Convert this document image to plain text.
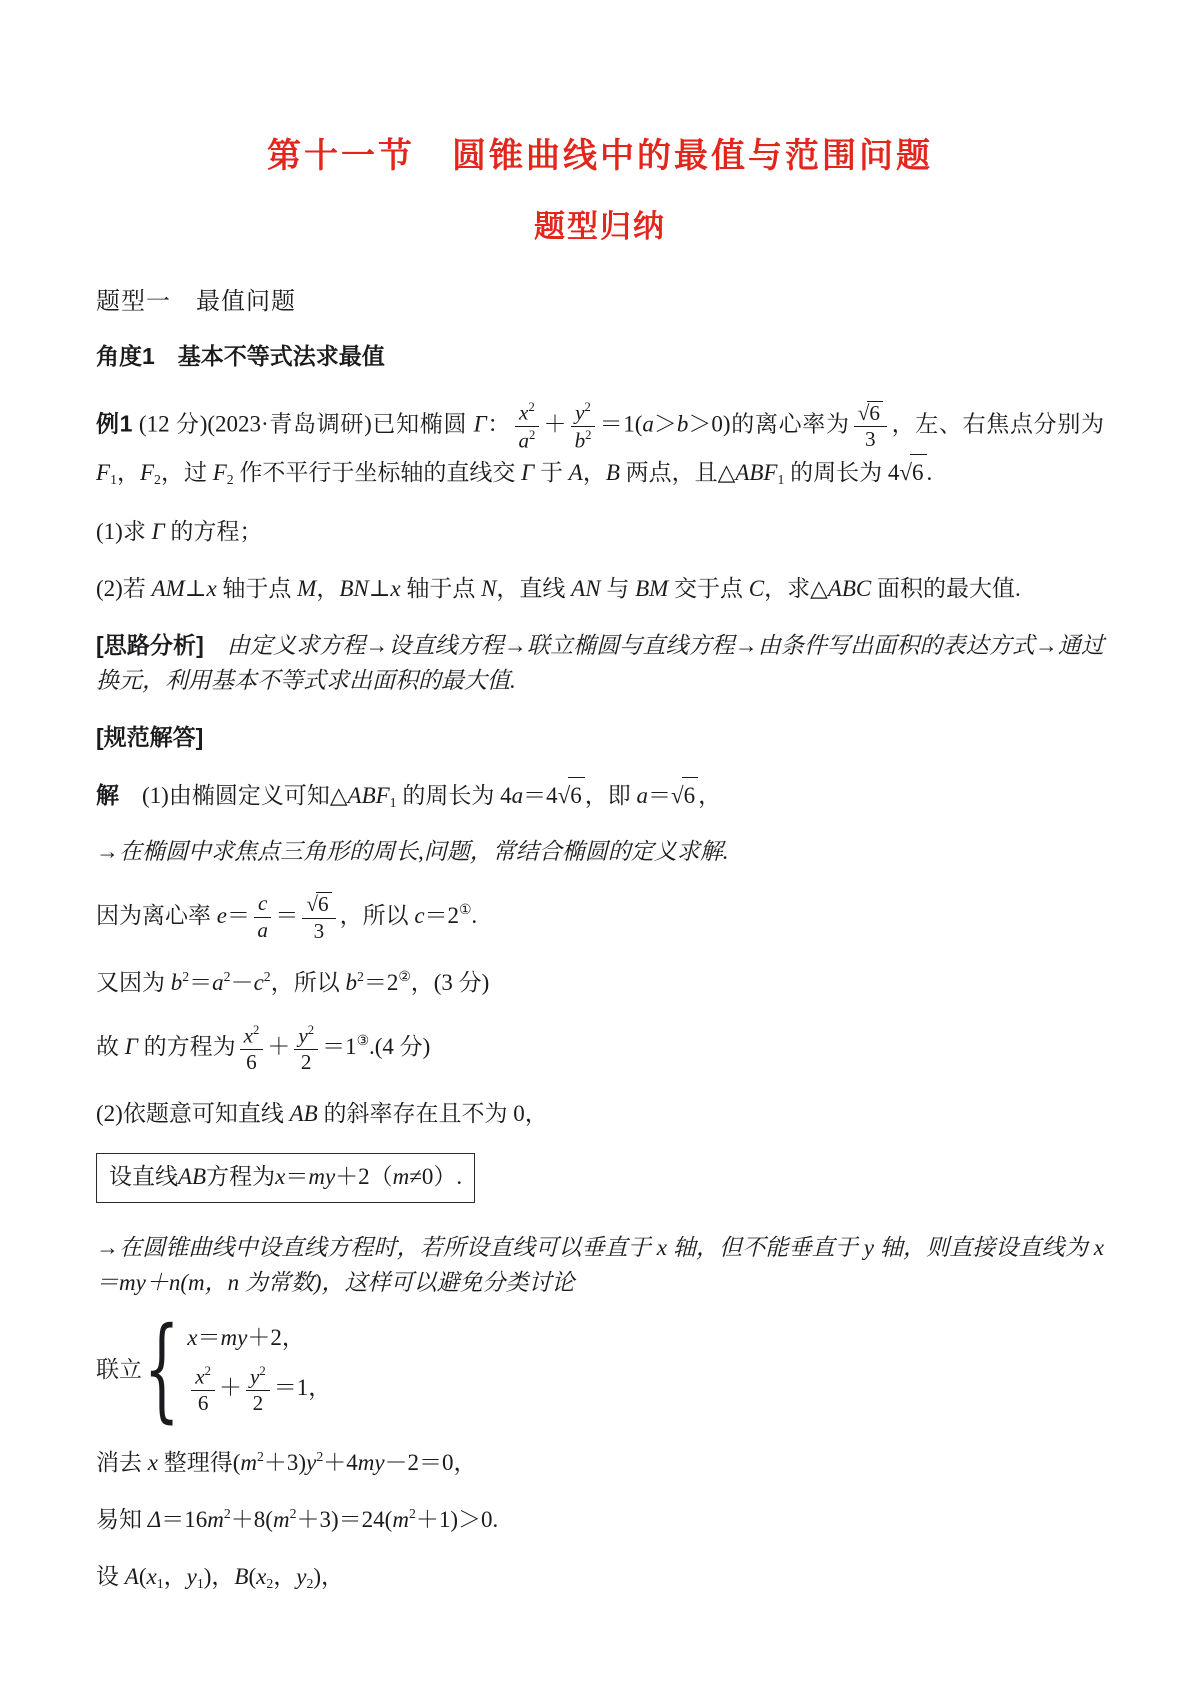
第十一节　圆锥曲线中的最值与范围问题
题型归纳
题型一　最值问题
角度1　基本不等式法求最值
例1 (12 分)(2023·青岛调研)已知椭圆 Γ： $\frac{x^2}{a^2} + \frac{y^2}{b^2} =1(a>b>0)$的离心率为 $\frac{√6}{3}$ ，左、右焦点分别为 $F_1$，$F_2$，过 $F_2$ 作不平行于坐标轴的直线交 Γ 于 A，B 两点，且$\triangle ABF_1$ 的周长为 4√6 .
(1)求 Γ 的方程；
(2)若 AM⊥x 轴于点 M，BN⊥x 轴于点 N，直线 AN 与 BM 交于点 C，求△ABC 面积的最大值.
[思路分析]　由定义求方程→设直线方程→联立椭圆与直线方程→由条件写出面积的表达方式→通过换元，利用基本不等式求出面积的最大值.
[规范解答]
解　(1)由椭圆定义可知$\triangle ABF_1$ 的周长为 4a＝4√6 ，即 a＝√6 ，
→在椭圆中求焦点三角形的周长,问题，常结合椭圆的定义求解.
因为离心率 $e= \frac{c}{a} = \frac{√6}{3}$ ，所以 c＝2①.
又因为 $b^2=a^2-c^2$，所以 $b^2=2^②$，(3 分)
故 Γ 的方程为 $\frac{x^2}{6} + \frac{y^2}{2} =1^③.(4$ 分)
(2)依题意可知直线 AB 的斜率存在且不为 0，
设直线AB方程为x＝my＋2（m≠0）.
→在圆锥曲线中设直线方程时，若所设直线可以垂直于 x 轴，但不能垂直于 y 轴，则直接设直线为 x＝my＋n(m，n 为常数)，这样可以避免分类讨论
联立 { x＝my＋2，
$\frac{x^2}{6} + \frac{y^2}{2} =1$，
消去 x 整理得$(m^2+3)y^2+4my-2=0$，
易知 $\Delta=16m^2+8(m^2+3)=24(m^2+1)>0$.
设 $A(x_1$，$y_1$)，$B(x_2$，$y_2$)，
